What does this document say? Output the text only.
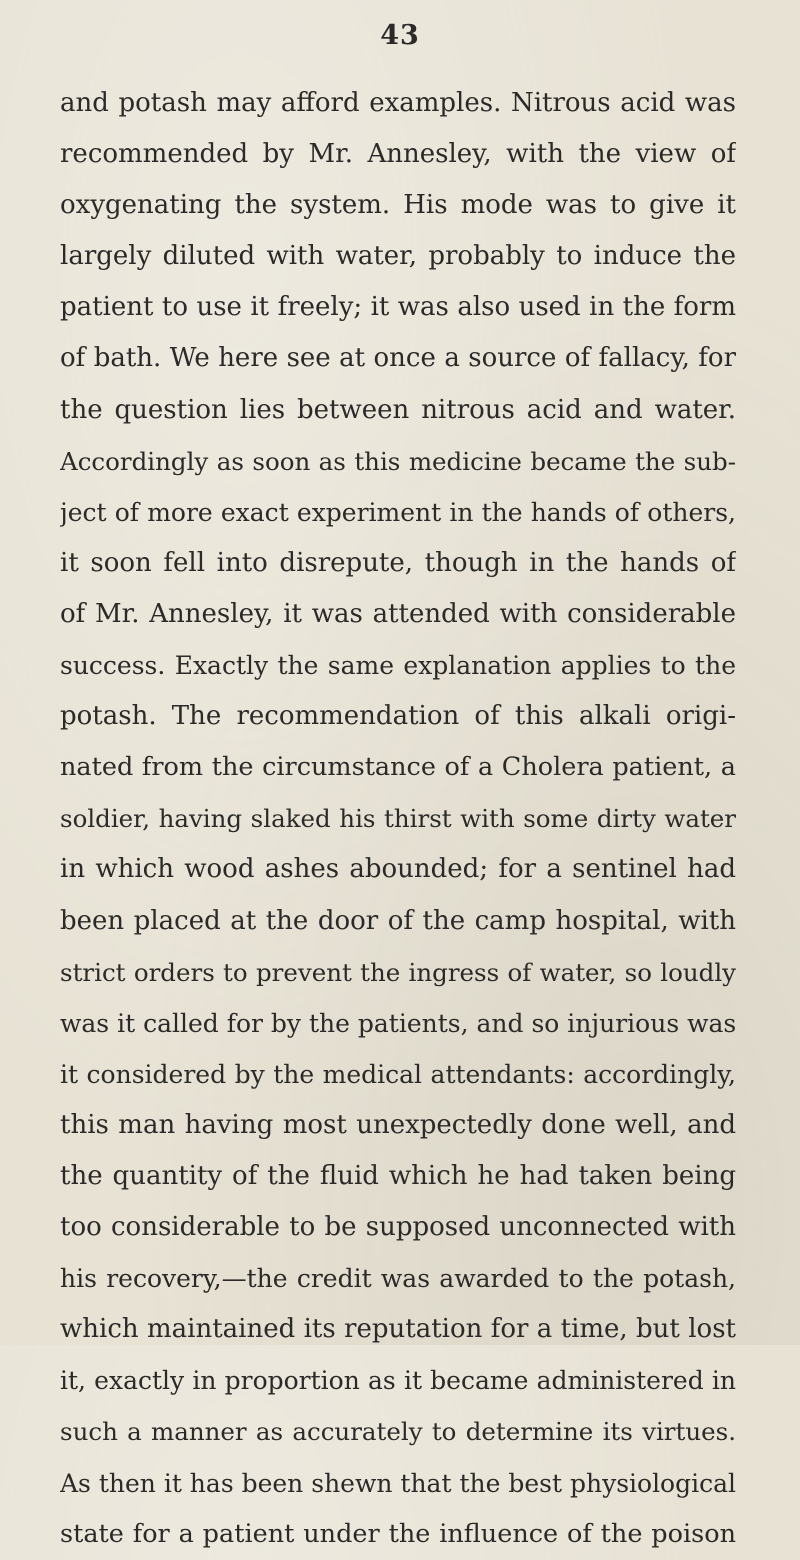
43
and potash may afford examples. Nitrous acid was
recommended by Mr. Annesley, with the view of
oxygenating the system. His mode was to give it
largely diluted with water, probably to induce the
patient to use it freely; it was also used in the form
of bath. We here see at once a source of fallacy, for
the question lies between nitrous acid and water.
Accordingly as soon as this medicine became the sub-
ject of more exact experiment in the hands of others,
it soon fell into disrepute, though in the hands of
of Mr. Annesley, it was attended with considerable
success. Exactly the same explanation applies to the
potash. The recommendation of this alkali origi-
nated from the circumstance of a Cholera patient, a
soldier, having slaked his thirst with some dirty water
in which wood ashes abounded; for a sentinel had
been placed at the door of the camp hospital, with
strict orders to prevent the ingress of water, so loudly
was it called for by the patients, and so injurious was
it considered by the medical attendants: accordingly,
this man having most unexpectedly done well, and
the quantity of the fluid which he had taken being
too considerable to be supposed unconnected with
his recovery,—the credit was awarded to the potash,
which maintained its reputation for a time, but lost
it, exactly in proportion as it became administered in
such a manner as accurately to determine its virtues.
As then it has been shewn that the best physiological
state for a patient under the influence of the poison
